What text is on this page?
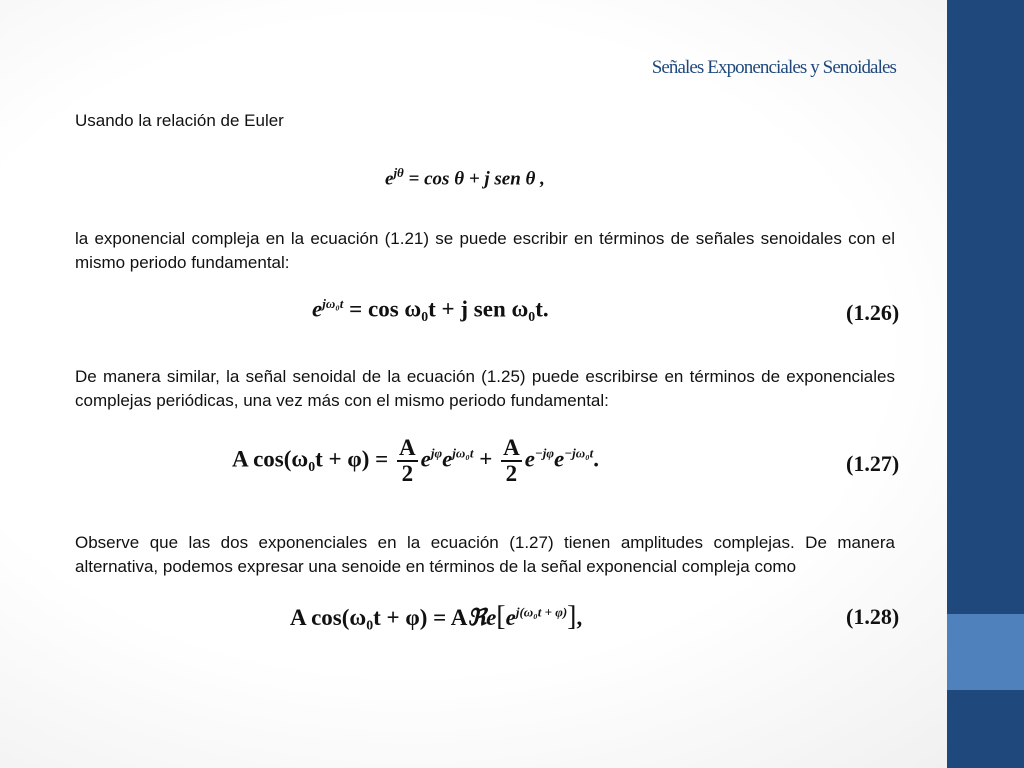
Señales Exponenciales y Senoidales
Usando la relación de Euler
$e^{j\theta} = \cos \theta + j$ sen θ ,
la exponencial compleja en la ecuación (1.21) se puede escribir en términos de señales senoidales con el mismo periodo fundamental:
$e^{j\omega_0t} = \cos \omega_0t + j$ sen ω₀t.	(1.26)
De manera similar, la señal senoidal de la ecuación (1.25) puede escribirse en términos de exponenciales complejas periódicas, una vez más con el mismo periodo fundamental:
A $\cos(\omega_0t + \varphi) = \frac{A}{2} e^{j\varphi}e^{j\omega_0t} + \frac{A}{2} e^{-j\varphi}e^{-j\omega_0t}$.	(1.27)
Observe que las dos exponenciales en la ecuación (1.27) tienen amplitudes complejas. De manera alternativa, podemos expresar una senoide en términos de la señal exponencial compleja como
A $\cos(\omega_0t + \varphi) = Aℜe[e^{j(\omega_0t + \varphi)}]$,	(1.28)
